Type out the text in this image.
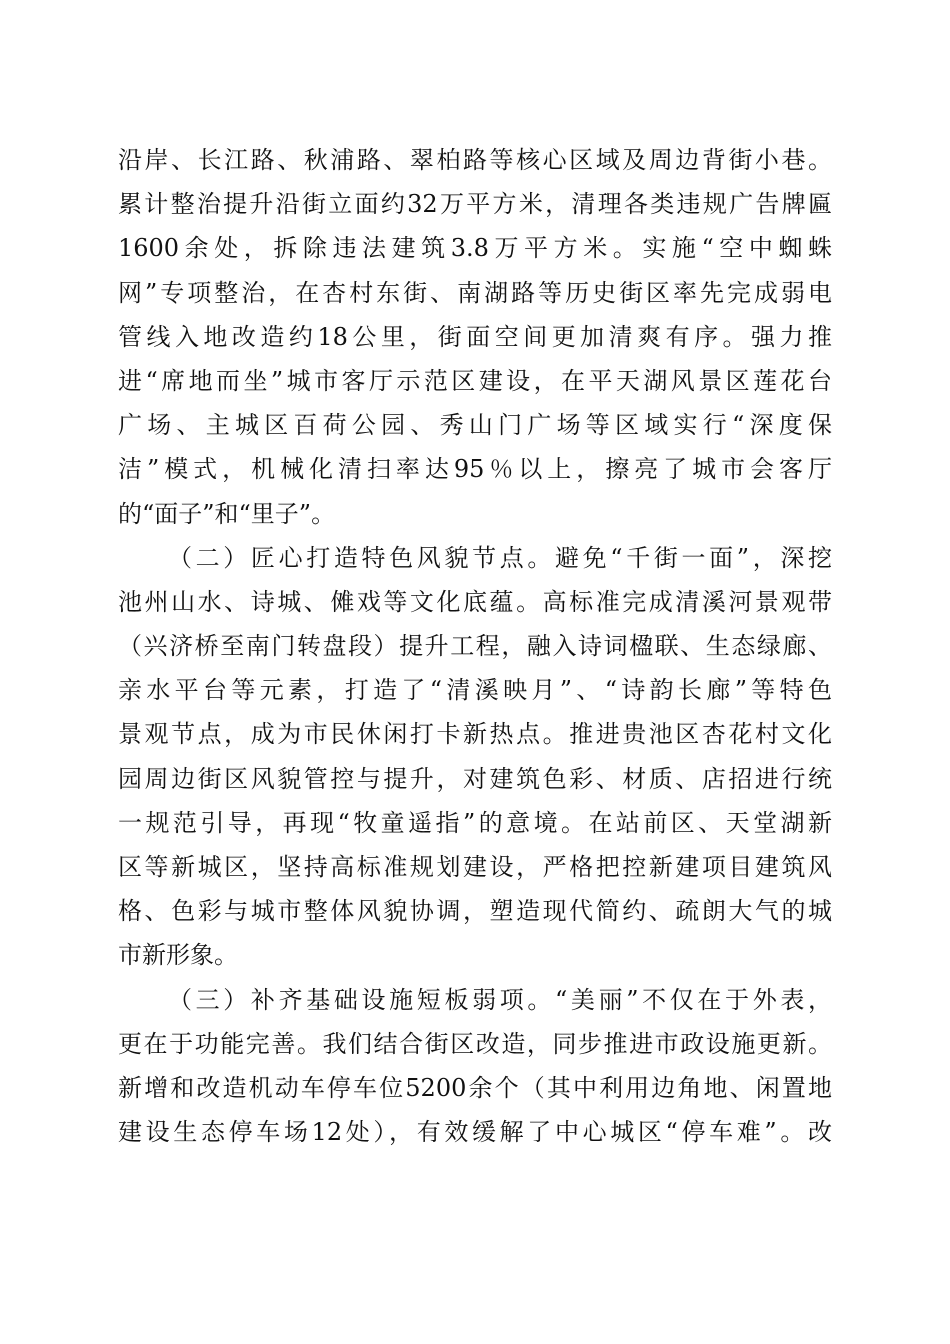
沿岸、长江路、秋浦路、翠柏路等核心区域及周边背街小巷。
累计整治提升沿街立面约32万平方米，清理各类违规广告牌匾
1600余处，拆除违法建筑3.8万平方米。实施“空中蜘蛛
网”专项整治，在杏村东街、南湖路等历史街区率先完成弱电
管线入地改造约18公里，街面空间更加清爽有序。强力推
进“席地而坐”城市客厅示范区建设，在平天湖风景区莲花台
广场、主城区百荷公园、秀山门广场等区域实行“深度保
洁”模式，机械化清扫率达95％以上，擦亮了城市会客厅
的“面子”和“里子”。
（二）匠心打造特色风貌节点。避免“千街一面”，深挖
池州山水、诗城、傩戏等文化底蕴。高标准完成清溪河景观带
（兴济桥至南门转盘段）提升工程，融入诗词楹联、生态绿廊、
亲水平台等元素，打造了“清溪映月”、“诗韵长廊”等特色
景观节点，成为市民休闲打卡新热点。推进贵池区杏花村文化
园周边街区风貌管控与提升，对建筑色彩、材质、店招进行统
一规范引导，再现“牧童遥指”的意境。在站前区、天堂湖新
区等新城区，坚持高标准规划建设，严格把控新建项目建筑风
格、色彩与城市整体风貌协调，塑造现代简约、疏朗大气的城
市新形象。
（三）补齐基础设施短板弱项。“美丽”不仅在于外表，
更在于功能完善。我们结合街区改造，同步推进市政设施更新。
新增和改造机动车停车位5200余个（其中利用边角地、闲置地
建设生态停车场12处），有效缓解了中心城区“停车难”。改
